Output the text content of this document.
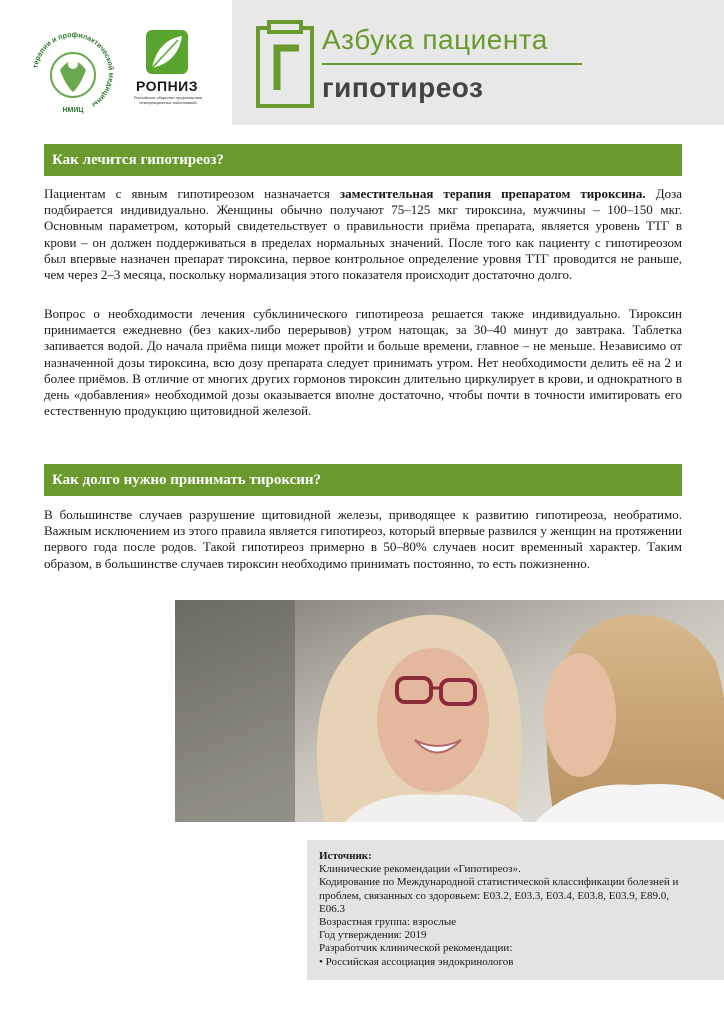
терапии и профилактической медицины
НМИЦ
РОПНИЗ
Российское общество профилактики неинфекционных заболеваний
Азбука пациента
гипотиреоз
Как лечится гипотиреоз?

Пациентам с явным гипотиреозом назначается заместительная терапия препаратом тироксина. Доза подбирается индивидуально. Женщины обычно получают 75–125 мкг тироксина, мужчины – 100–150 мкг. Основным параметром, который свидетельствует о правильности приёма препарата, является уровень ТТГ в крови – он должен поддерживаться в пределах нормальных значений. После того как пациенту с гипотиреозом был впервые назначен препарат тироксина, первое контрольное определение уровня ТТГ проводится не раньше, чем через 2–3 месяца, поскольку нормализация этого показателя происходит достаточно долго.

Вопрос о необходимости лечения субклинического гипотиреоза решается также индивидуально. Тироксин принимается ежедневно (без каких-либо перерывов) утром натощак, за 30–40 минут до завтрака. Таблетка запивается водой. До начала приёма пищи может пройти и больше времени, главное – не меньше. Независимо от назначенной дозы тироксина, всю дозу препарата следует принимать утром. Нет необходимости делить её на 2 и более приёмов. В отличие от многих других гормонов тироксин длительно циркулирует в крови, и однократного в день «добавления» необходимой дозы оказывается вполне достаточно, чтобы почти в точности имитировать его естественную продукцию щитовидной железой.

Как долго нужно принимать тироксин?

В большинстве случаев разрушение щитовидной железы, приводящее к развитию гипотиреоза, необратимо. Важным исключением из этого правила является гипотиреоз, который впервые развился у женщин на протяжении первого года после родов. Такой гипотиреоз примерно в 50–80% случаев носит временный характер. Таким образом, в большинстве случаев тироксин необходимо принимать постоянно, то есть пожизненно.

Источник:
Клинические рекомендации «Гипотиреоз».
Кодирование по Международной статистической классификации болезней и проблем, связанных со здоровьем: E03.2, E03.3, E03.4, E03.8, E03.9, E89.0, E06.3
Возрастная группа: взрослые
Год утверждения: 2019
Разработчик клинической рекомендации:
• Российская ассоциация эндокринологов
